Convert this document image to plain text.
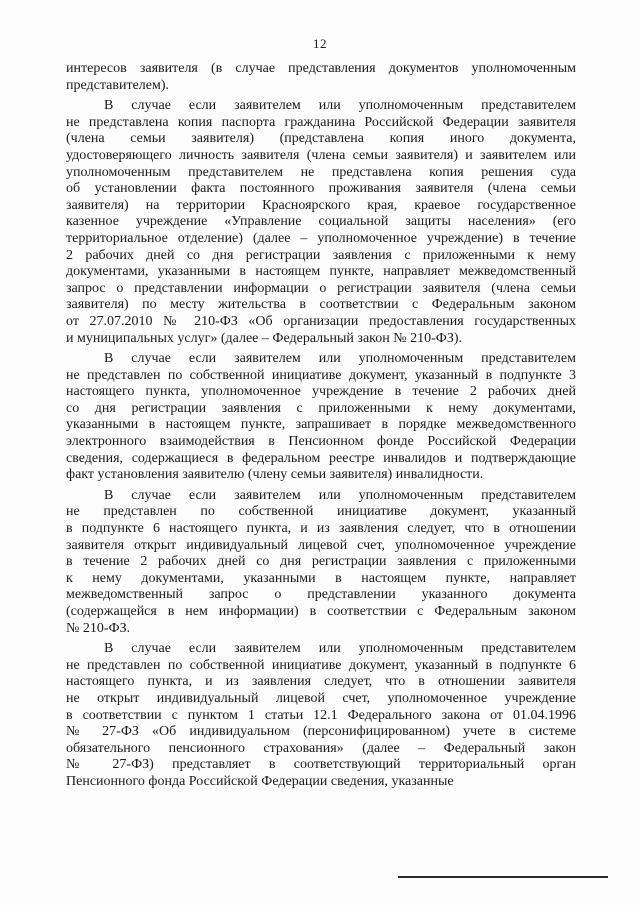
12
интересов заявителя (в случае представления документов уполномоченным
представителем).
В случае если заявителем или уполномоченным представителем
не представлена копия паспорта гражданина Российской Федерации заявителя
(члена семьи заявителя) (представлена копия иного документа,
удостоверяющего личность заявителя (члена семьи заявителя) и заявителем или
уполномоченным представителем не представлена копия решения суда
об установлении факта постоянного проживания заявителя (члена семьи
заявителя) на территории Красноярского края, краевое государственное
казенное учреждение «Управление социальной защиты населения» (его
территориальное отделение) (далее – уполномоченное учреждение) в течение
2 рабочих дней со дня регистрации заявления с приложенными к нему
документами, указанными в настоящем пункте, направляет межведомственный
запрос о представлении информации о регистрации заявителя (члена семьи
заявителя) по месту жительства в соответствии с Федеральным законом
от 27.07.2010 № 210-ФЗ «Об организации предоставления государственных
и муниципальных услуг» (далее – Федеральный закон № 210-ФЗ).
В случае если заявителем или уполномоченным представителем
не представлен по собственной инициативе документ, указанный в подпункте 3
настоящего пункта, уполномоченное учреждение в течение 2 рабочих дней
со дня регистрации заявления с приложенными к нему документами,
указанными в настоящем пункте, запрашивает в порядке межведомственного
электронного взаимодействия в Пенсионном фонде Российской Федерации
сведения, содержащиеся в федеральном реестре инвалидов и подтверждающие
факт установления заявителю (члену семьи заявителя) инвалидности.
В случае если заявителем или уполномоченным представителем
не представлен по собственной инициативе документ, указанный
в подпункте 6 настоящего пункта, и из заявления следует, что в отношении
заявителя открыт индивидуальный лицевой счет, уполномоченное учреждение
в течение 2 рабочих дней со дня регистрации заявления с приложенными
к нему документами, указанными в настоящем пункте, направляет
межведомственный запрос о представлении указанного документа
(содержащейся в нем информации) в соответствии с Федеральным законом
№ 210-ФЗ.
В случае если заявителем или уполномоченным представителем
не представлен по собственной инициативе документ, указанный в подпункте 6
настоящего пункта, и из заявления следует, что в отношении заявителя
не открыт индивидуальный лицевой счет, уполномоченное учреждение
в соответствии с пунктом 1 статьи 12.1 Федерального закона от 01.04.1996
№ 27-ФЗ «Об индивидуальном (персонифицированном) учете в системе
обязательного пенсионного страхования» (далее – Федеральный закон
№ 27-ФЗ) представляет в соответствующий территориальный орган
Пенсионного фонда Российской Федерации сведения, указанные
